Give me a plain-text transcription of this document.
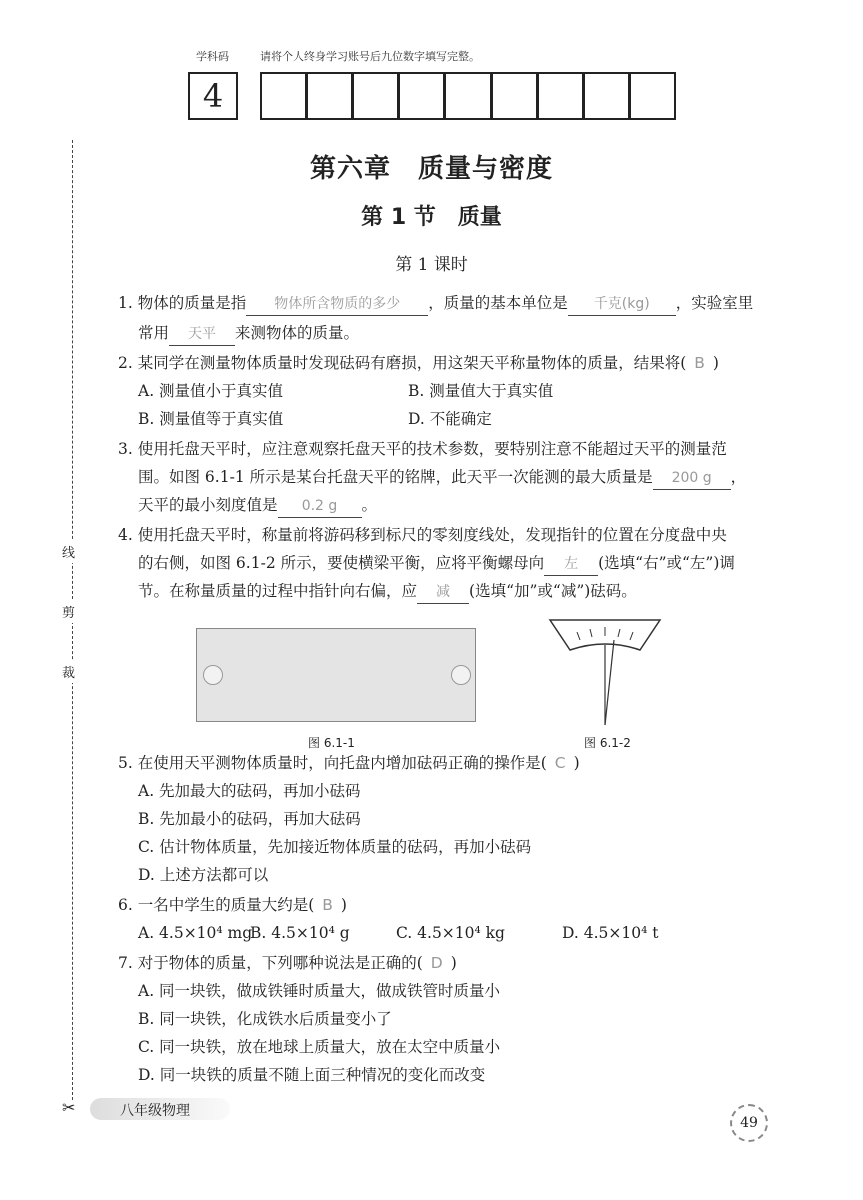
学科码	请将个人终身学习账号后九位数字填写完整。
4
线
剪
裁
✂
第六章　质量与密度
第 1 节　质量
第 1 课时
1. 物体的质量是指 物体所含物质的多少 ，质量的基本单位是 千克(kg) ，实验室里
常用 天平 来测物体的质量。
2. 某同学在测量物体质量时发现砝码有磨损，用这架天平称量物体的质量，结果将( B )
A. 测量值小于真实值	B. 测量值大于真实值
B. 测量值等于真实值	D. 不能确定
3. 使用托盘天平时，应注意观察托盘天平的技术参数，要特别注意不能超过天平的测量范
围。如图 6.1-1 所示是某台托盘天平的铭牌，此天平一次能测的最大质量是 200 g ，
天平的最小刻度值是 0.2 g 。
4. 使用托盘天平时，称量前将游码移到标尺的零刻度线处，发现指针的位置在分度盘中央
的右侧，如图 6.1-2 所示，要使横梁平衡，应将平衡螺母向 左 (选填“右”或“左”)调
节。在称量质量的过程中指针向右偏，应 减 (选填“加”或“减”)砝码。
图 6.1-1	图 6.1-2
5. 在使用天平测物体质量时，向托盘内增加砝码正确的操作是( C )
A. 先加最大的砝码，再加小砝码
B. 先加最小的砝码，再加大砝码
C. 估计物体质量，先加接近物体质量的砝码，再加小砝码
D. 上述方法都可以
6. 一名中学生的质量大约是( B )
A. 4.5×10⁴ mg
B. 4.5×10⁴ g	C. 4.5×10⁴ kg	D. 4.5×10⁴ t
7. 对于物体的质量，下列哪种说法是正确的( D )
A. 同一块铁，做成铁锤时质量大，做成铁管时质量小
B. 同一块铁，化成铁水后质量变小了
C. 同一块铁，放在地球上质量大，放在太空中质量小
D. 同一块铁的质量不随上面三种情况的变化而改变
八年级物理
49
